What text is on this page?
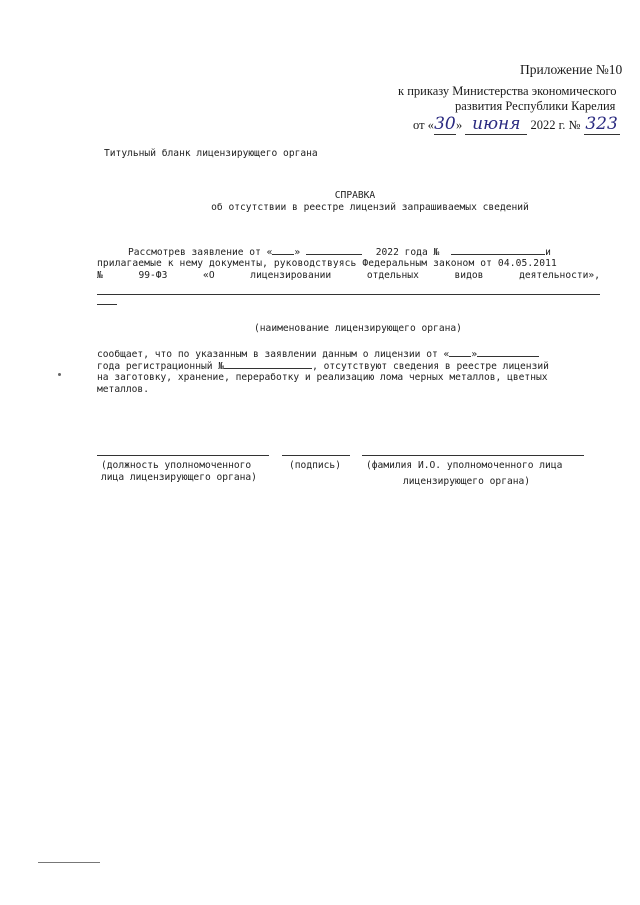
Приложение №10
к приказу Министерства экономического
развития Республики Карелия
от «30» июня 2022 г. № 323
Титульный бланк лицензирующего органа
СПРАВКА
об отсутствии в реестре лицензий запрашиваемых сведений
Рассмотрев заявление от « »	2022 года №	и
прилагаемые к нему документы, руководствуясь Федеральным законом от 04.05.2011
№	99-ФЗ	«О	лицензировании	отдельных	видов	деятельности»,
(наименование лицензирующего органа)
сообщает, что по указанным в заявлении данным о лицензии от « »
года регистрационный №	, отсутствуют сведения в реестре лицензий
на заготовку, хранение, переработку и реализацию лома черных металлов, цветных
металлов.
(должность уполномоченного
лица лицензирующего органа)
(подпись)	(фамилия И.О. уполномоченного лица
лицензирующего органа)
